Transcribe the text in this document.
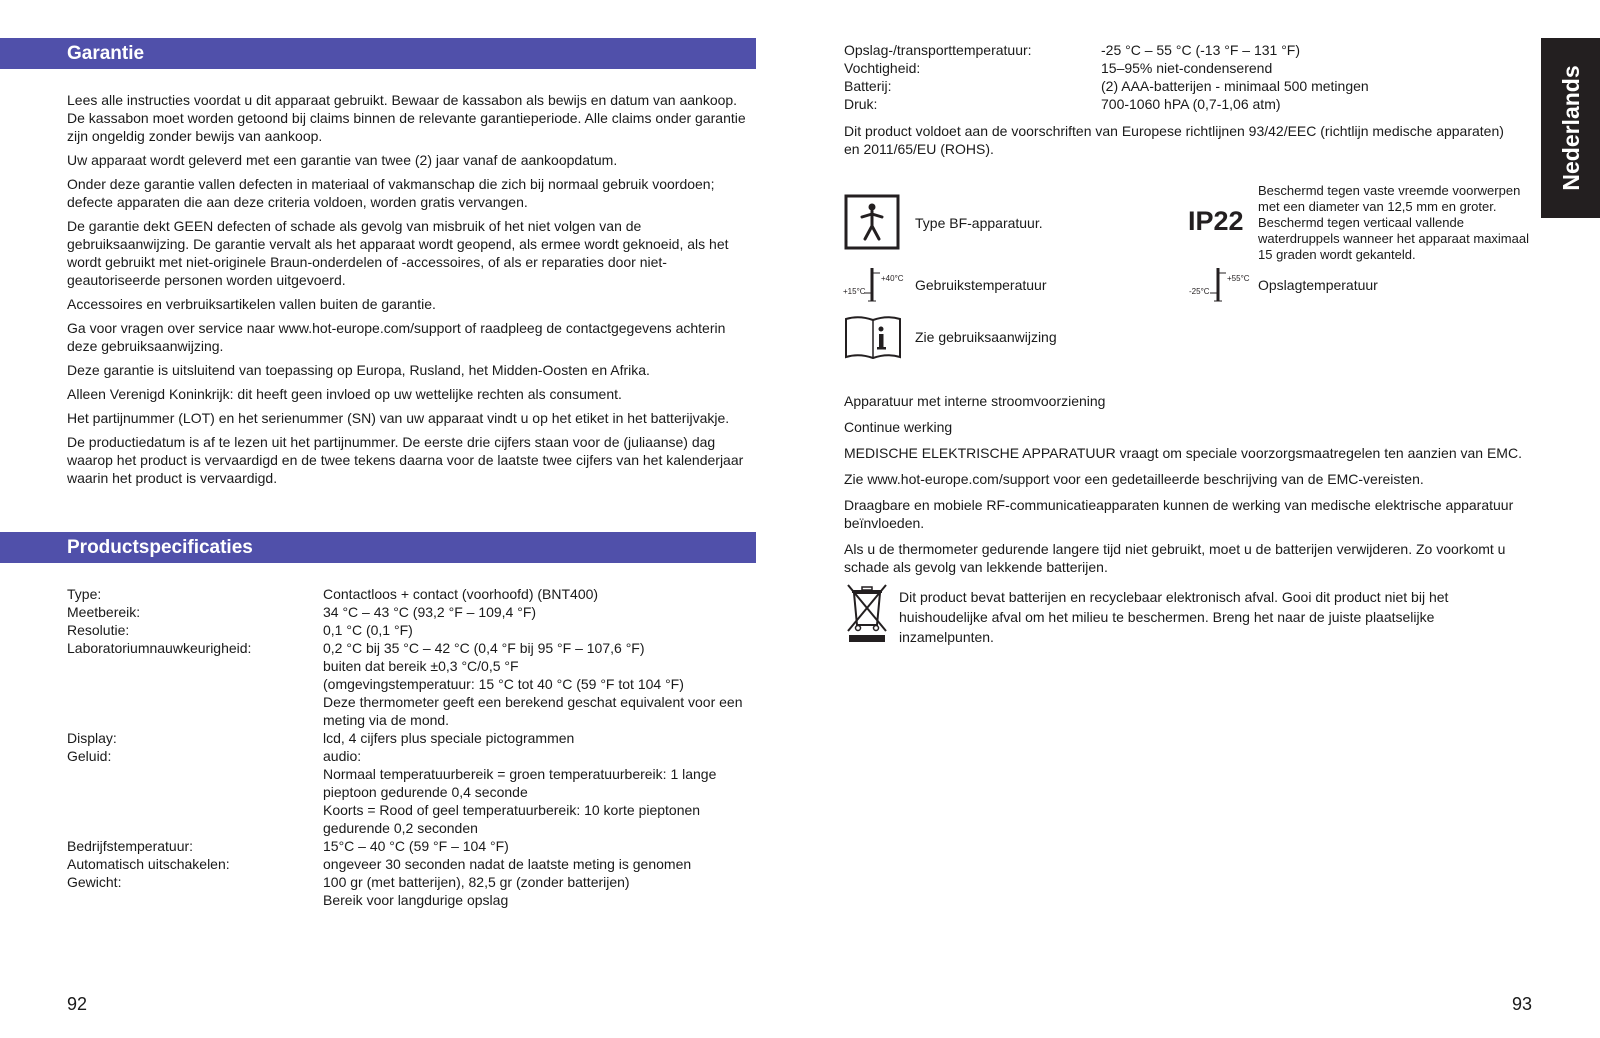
Garantie

Lees alle instructies voordat u dit apparaat gebruikt. Bewaar de kassabon als bewijs en datum van aankoop. De kassabon moet worden getoond bij claims binnen de relevante garantieperiode. Alle claims onder garantie zijn ongeldig zonder bewijs van aankoop.

Uw apparaat wordt geleverd met een garantie van twee (2) jaar vanaf de aankoopdatum.

Onder deze garantie vallen defecten in materiaal of vakmanschap die zich bij normaal gebruik voordoen; defecte apparaten die aan deze criteria voldoen, worden gratis vervangen.

De garantie dekt GEEN defecten of schade als gevolg van misbruik of het niet volgen van de gebruiksaanwijzing. De garantie vervalt als het apparaat wordt geopend, als ermee wordt geknoeid, als het wordt gebruikt met niet-originele Braun-onderdelen of -accessoires, of als er reparaties door niet-geautoriseerde personen worden uitgevoerd.

Accessoires en verbruiksartikelen vallen buiten de garantie.

Ga voor vragen over service naar www.hot-europe.com/support of raadpleeg de contactgegevens achterin deze gebruiksaanwijzing.

Deze garantie is uitsluitend van toepassing op Europa, Rusland, het Midden-Oosten en Afrika.

Alleen Verenigd Koninkrijk: dit heeft geen invloed op uw wettelijke rechten als consument.

Het partijnummer (LOT) en het serienummer (SN) van uw apparaat vindt u op het etiket in het batterijvakje.

De productiedatum is af te lezen uit het partijnummer. De eerste drie cijfers staan voor de (juliaanse) dag waarop het product is vervaardigd en de twee tekens daarna voor de laatste twee cijfers van het kalenderjaar waarin het product is vervaardigd.

Productspecificaties
Type:	Contactloos + contact (voorhoofd) (BNT400)
Meetbereik:	34 °C – 43 °C (93,2 °F – 109,4 °F)
Resolutie:	0,1 °C (0,1 °F)
Laboratoriumnauwkeurigheid:	0,2 °C bij 35 °C – 42 °C (0,4 °F bij 95 °F – 107,6 °F)
buiten dat bereik ±0,3 °C/0,5 °F
(omgevingstemperatuur: 15 °C tot 40 °C (59 °F tot 104 °F)
Deze thermometer geeft een berekend geschat equivalent voor een meting via de mond.
Display:	lcd, 4 cijfers plus speciale pictogrammen
Geluid:	audio:
Normaal temperatuurbereik = groen temperatuurbereik: 1 lange pieptoon gedurende 0,4 seconde
Koorts = Rood of geel temperatuurbereik: 10 korte pieptonen gedurende 0,2 seconden
Bedrijfstemperatuur:	15°C – 40 °C (59 °F – 104 °F)
Automatisch uitschakelen:	ongeveer 30 seconden nadat de laatste meting is genomen
Gewicht:	100 gr (met batterijen), 82,5 gr (zonder batterijen)
Bereik voor langdurige opslag
92
Opslag-/transporttemperatuur:	-25 °C – 55 °C (-13 °F – 131 °F)
Vochtigheid:	15–95% niet-condenserend
Batterij:	(2) AAA-batterijen - minimaal 500 metingen
Druk:	700-1060 hPA (0,7-1,06 atm)

Dit product voldoet aan de voorschriften van Europese richtlijnen 93/42/EEC (richtlijn medische apparaten) en 2011/65/EU (ROHS).

Type BF-apparatuur.	IP22
Beschermd tegen vaste vreemde voorwerpen met een diameter van 12,5 mm en groter. Beschermd tegen verticaal vallende waterdruppels wanneer het apparaat maximaal 15 graden wordt gekanteld.
+40°C
+15°C	Gebruikstemperatuur	+55°C
-25°C	Opslagtemperatuur
Zie gebruiksaanwijzing

Apparatuur met interne stroomvoorziening

Continue werking

MEDISCHE ELEKTRISCHE APPARATUUR vraagt om speciale voorzorgsmaatregelen ten aanzien van EMC.

Zie www.hot-europe.com/support voor een gedetailleerde beschrijving van de EMC-vereisten.

Draagbare en mobiele RF-communicatieapparaten kunnen de werking van medische elektrische apparatuur beïnvloeden.

Als u de thermometer gedurende langere tijd niet gebruikt, moet u de batterijen verwijderen. Zo voorkomt u schade als gevolg van lekkende batterijen.

Dit product bevat batterijen en recyclebaar elektronisch afval. Gooi dit product niet bij het huishoudelijke afval om het milieu te beschermen. Breng het naar de juiste plaatselijke inzamelpunten.

Nederlands
93
